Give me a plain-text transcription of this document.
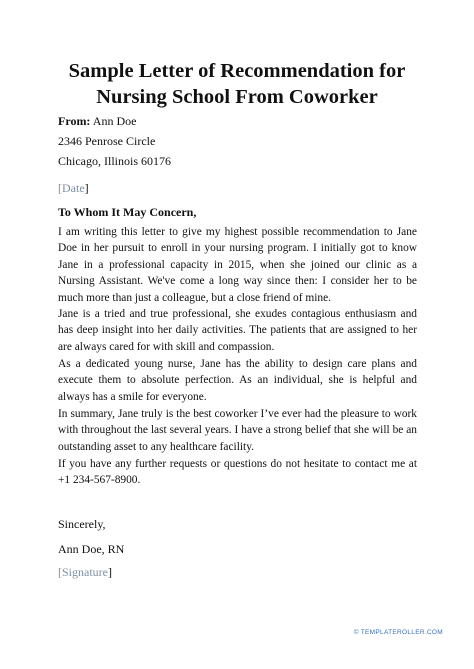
Sample Letter of Recommendation for
Nursing School From Coworker
From: Ann Doe
2346 Penrose Circle
Chicago, Illinois 60176
[Date]
To Whom It May Concern,

I am writing this letter to give my highest possible recommendation to Jane Doe in her pursuit to enroll in your nursing program. I initially got to know Jane in a professional capacity in 2015, when she joined our clinic as a Nursing Assistant. We've come a long way since then: I consider her to be much more than just a colleague, but a close friend of mine.

Jane is a tried and true professional, she exudes contagious enthusiasm and has deep insight into her daily activities. The patients that are assigned to her are always cared for with skill and compassion.

As a dedicated young nurse, Jane has the ability to design care plans and execute them to absolute perfection. As an individual, she is helpful and always has a smile for everyone.

In summary, Jane truly is the best coworker I’ve ever had the pleasure to work with throughout the last several years. I have a strong belief that she will be an outstanding asset to any healthcare facility.

If you have any further requests or questions do not hesitate to contact me at +1 234-567-8900.

Sincerely,
Ann Doe, RN
[Signature]
© TEMPLATEROLLER.COM
